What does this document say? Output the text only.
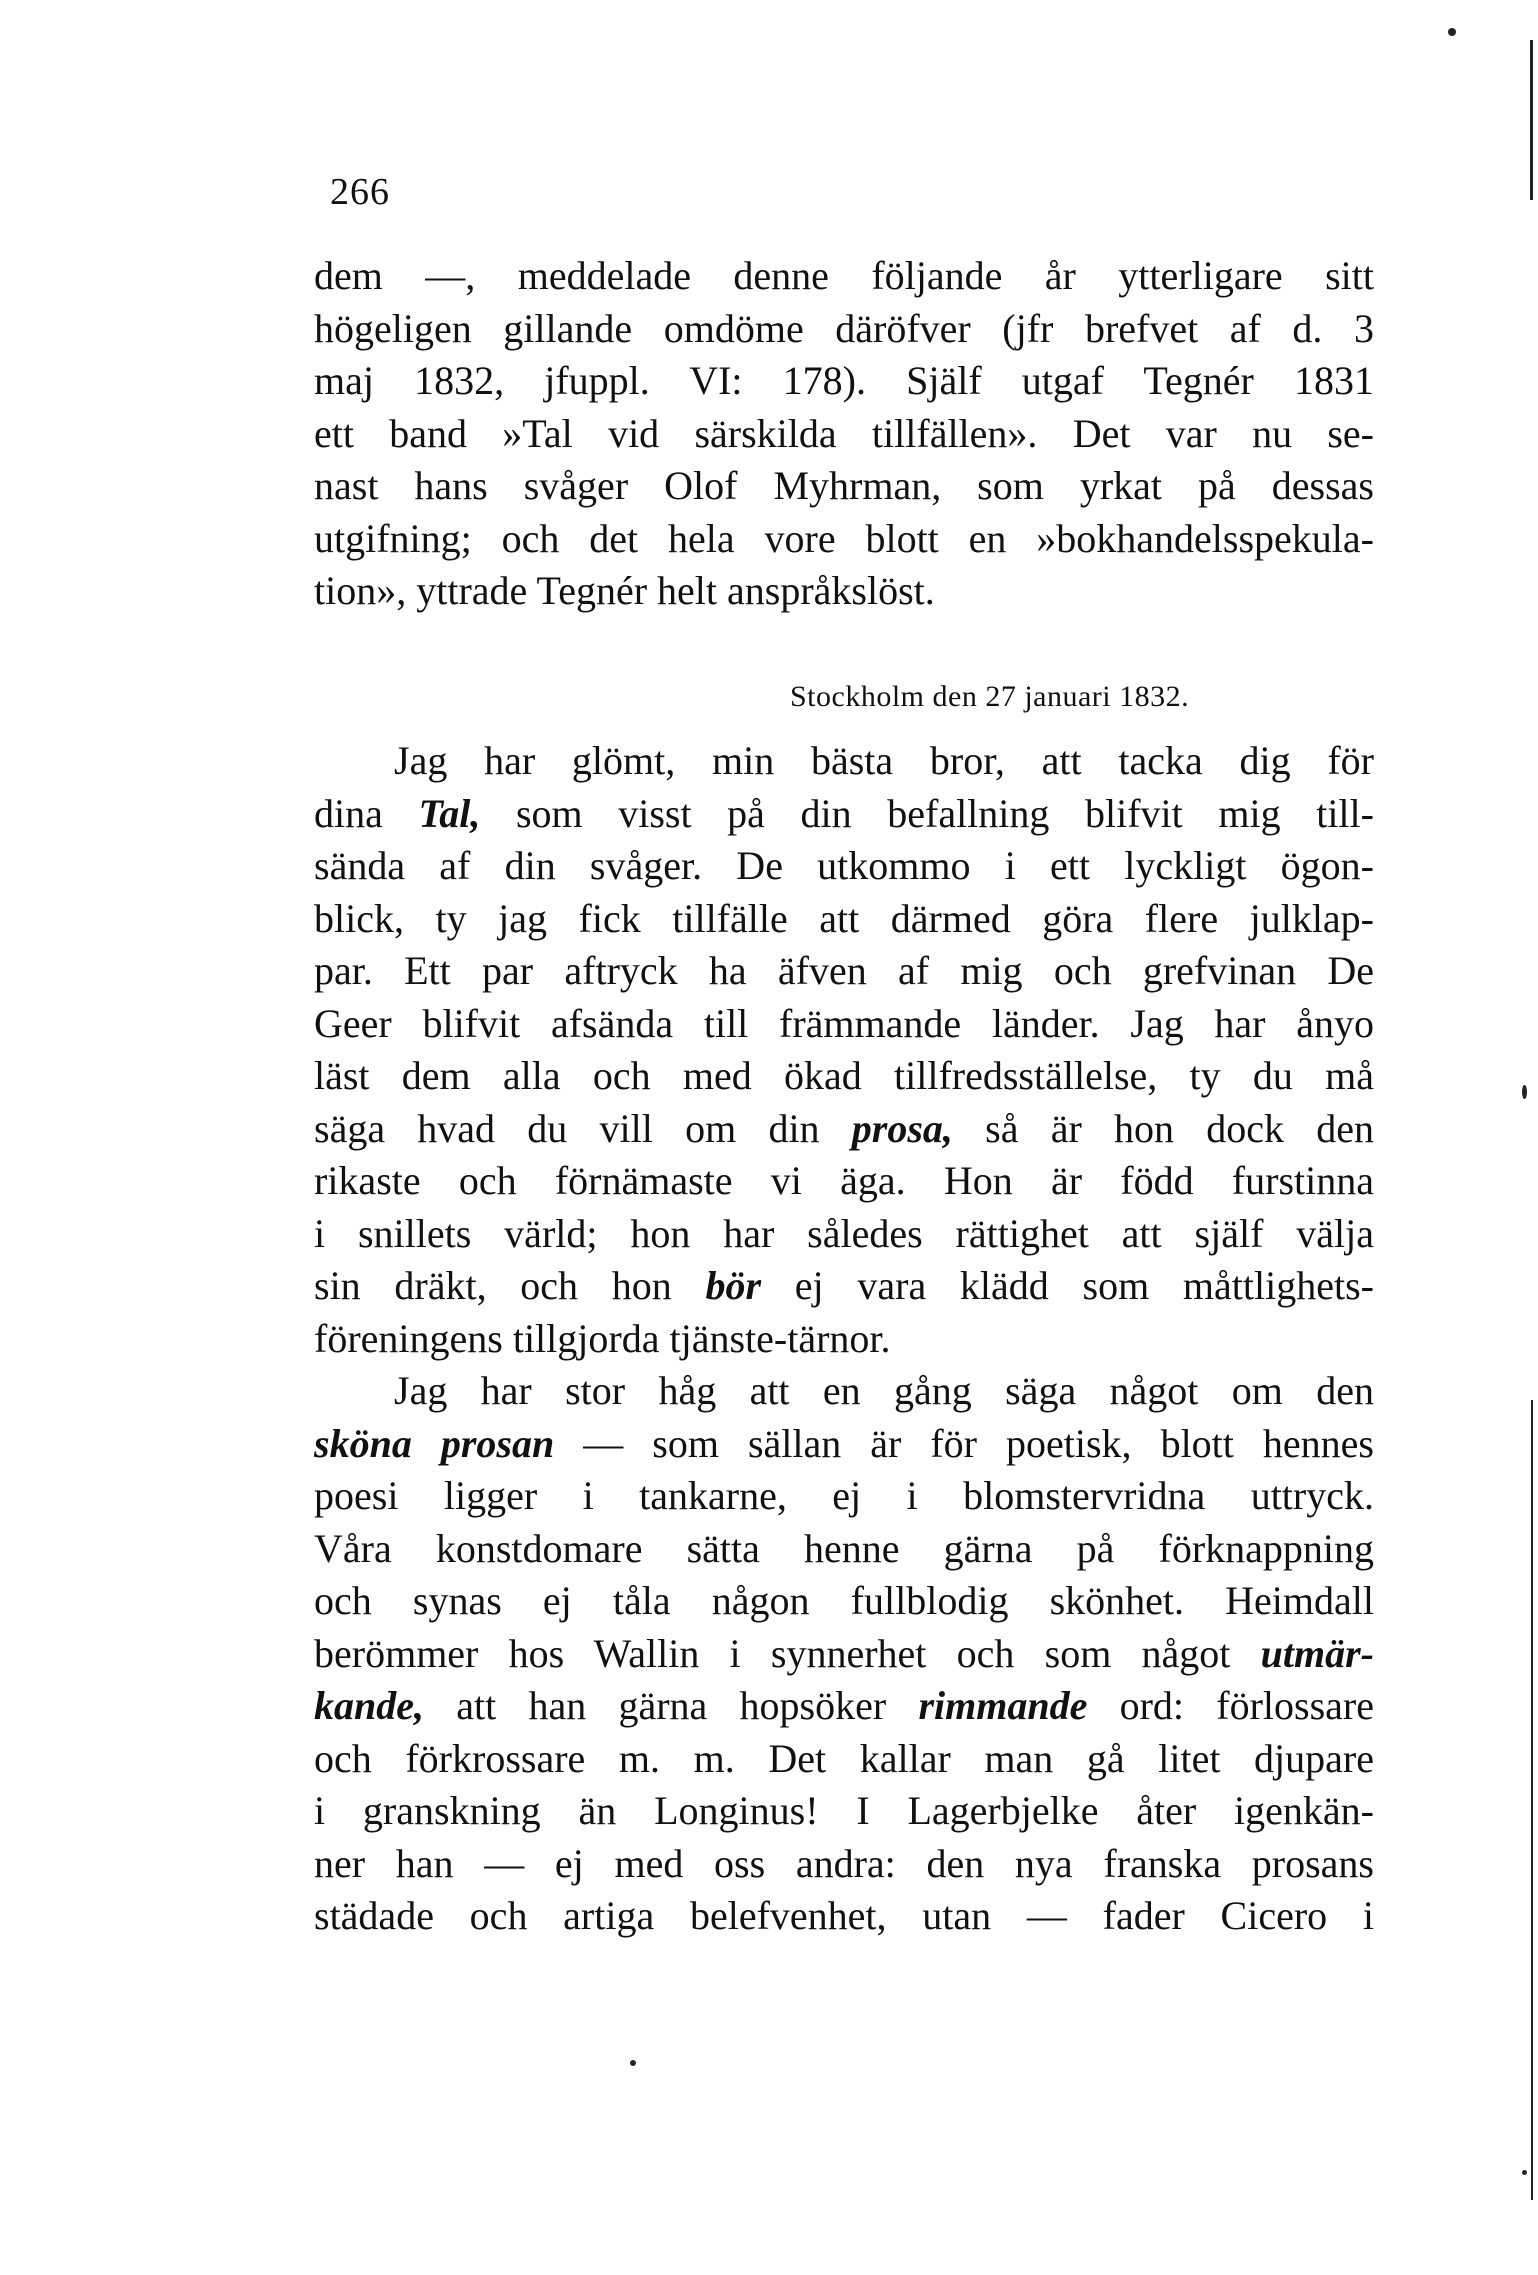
266
dem —, meddelade denne följande år ytterligare sitt
högeligen gillande omdöme däröfver (jfr brefvet af d. 3
maj 1832, jfuppl. VI: 178). Själf utgaf Tegnér 1831
ett band »Tal vid särskilda tillfällen». Det var nu se-
nast hans svåger Olof Myhrman, som yrkat på dessas
utgifning; och det hela vore blott en »bokhandelsspekula-
tion», yttrade Tegnér helt anspråkslöst.
Stockholm den 27 januari 1832.
Jag har glömt, min bästa bror, att tacka dig för
dina Tal, som visst på din befallning blifvit mig till-
sända af din svåger. De utkommo i ett lyckligt ögon-
blick, ty jag fick tillfälle att därmed göra flere julklap-
par. Ett par aftryck ha äfven af mig och grefvinan De
Geer blifvit afsända till främmande länder. Jag har ånyo
läst dem alla och med ökad tillfredsställelse, ty du må
säga hvad du vill om din prosa, så är hon dock den
rikaste och förnämaste vi äga. Hon är född furstinna
i snillets värld; hon har således rättighet att själf välja
sin dräkt, och hon bör ej vara klädd som måttlighets-
föreningens tillgjorda tjänste-tärnor.
Jag har stor håg att en gång säga något om den
sköna prosan — som sällan är för poetisk, blott hennes
poesi ligger i tankarne, ej i blomstervridna uttryck.
Våra konstdomare sätta henne gärna på förknappning
och synas ej tåla någon fullblodig skönhet. Heimdall
berömmer hos Wallin i synnerhet och som något utmär-
kande, att han gärna hopsöker rimmande ord: förlossare
och förkrossare m. m. Det kallar man gå litet djupare
i granskning än Longinus! I Lagerbjelke åter igenkän-
ner han — ej med oss andra: den nya franska prosans
städade och artiga belefvenhet, utan — fader Cicero i
